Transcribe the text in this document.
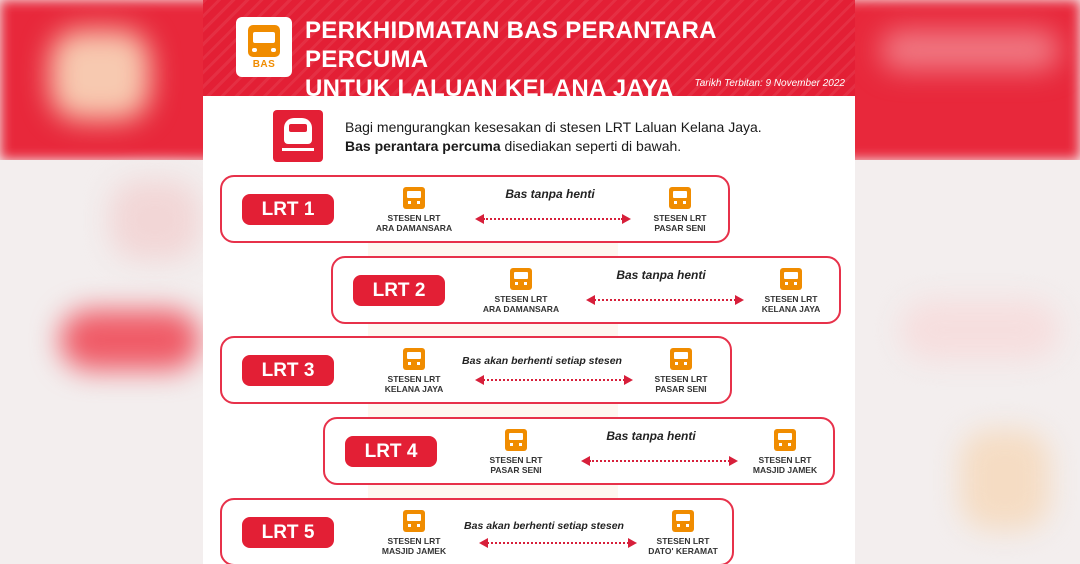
BAS
PERKHIDMATAN BAS PERANTARA PERCUMA
UNTUK LALUAN KELANA JAYA	Tarikh Terbitan: 9 November 2022
Bagi mengurangkan kesesakan di stesen LRT Laluan Kelana Jaya.
Bas perantara percuma disediakan seperti di bawah.
LRT 1	STESEN LRT
ARA DAMANSARA
Bas tanpa henti
STESEN LRT
PASAR SENI
LRT 2	STESEN LRT
ARA DAMANSARA
Bas tanpa henti
STESEN LRT
KELANA JAYA
LRT 3	STESEN LRT
KELANA JAYA
Bas akan berhenti setiap stesen
STESEN LRT
PASAR SENI
LRT 4	STESEN LRT
PASAR SENI
Bas tanpa henti
STESEN LRT
MASJID JAMEK
LRT 5	STESEN LRT
MASJID JAMEK
Bas akan berhenti setiap stesen
STESEN LRT
DATO' KERAMAT
